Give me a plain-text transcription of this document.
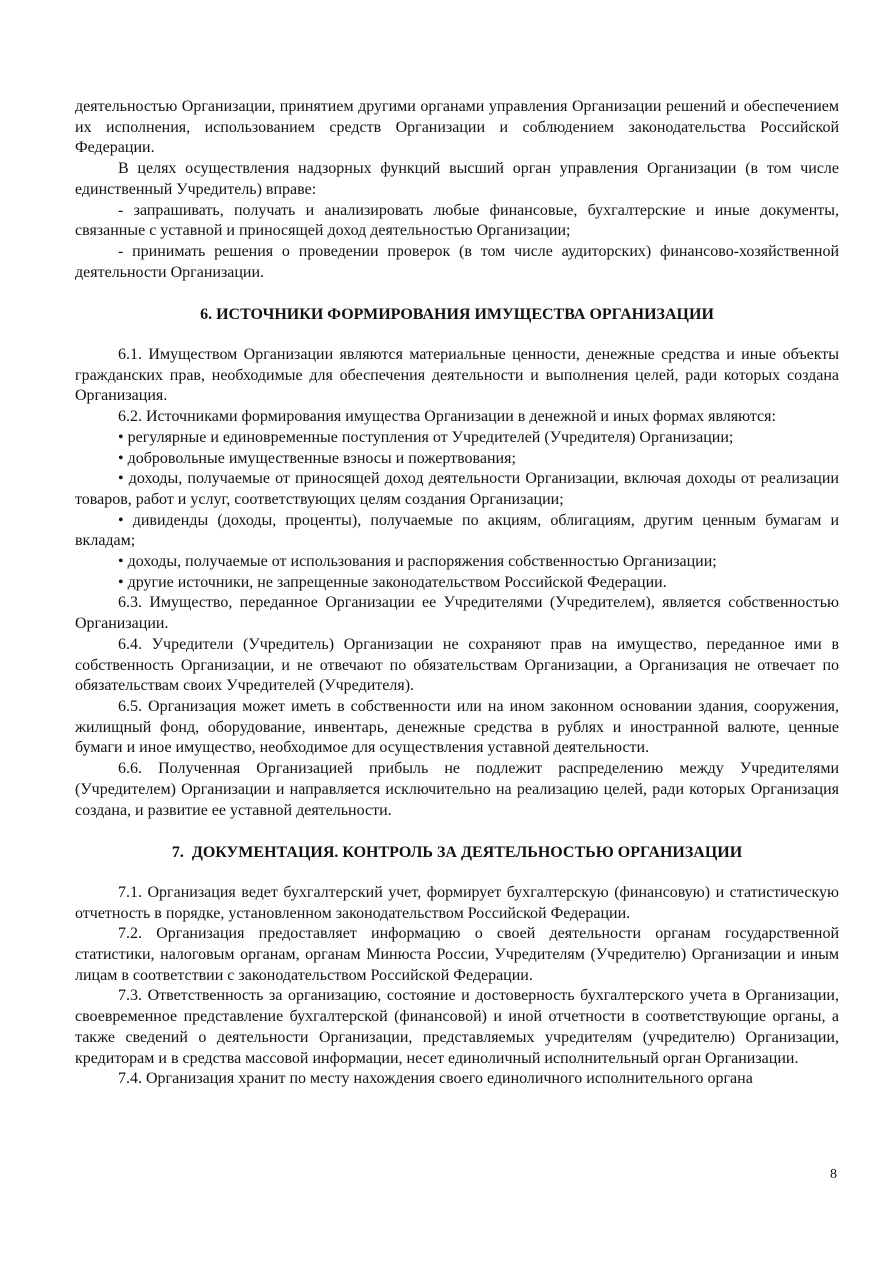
деятельностью Организации, принятием другими органами управления Организации решений и обеспечением их исполнения, использованием средств Организации и соблюдением законодательства Российской Федерации.

В целях осуществления надзорных функций высший орган управления Организации (в том числе единственный Учредитель) вправе:

- запрашивать, получать и анализировать любые финансовые, бухгалтерские и иные документы, связанные с уставной и приносящей доход деятельностью Организации;

- принимать решения о проведении проверок (в том числе аудиторских) финансово-хозяйственной деятельности Организации.

6. ИСТОЧНИКИ ФОРМИРОВАНИЯ ИМУЩЕСТВА ОРГАНИЗАЦИИ

6.1. Имуществом Организации являются материальные ценности, денежные средства и иные объекты гражданских прав, необходимые для обеспечения деятельности и выполнения целей, ради которых создана Организация.

6.2. Источниками формирования имущества Организации в денежной и иных формах являются:

• регулярные и единовременные поступления от Учредителей (Учредителя) Организации;

• добровольные имущественные взносы и пожертвования;

• доходы, получаемые от приносящей доход деятельности Организации, включая доходы от реализации товаров, работ и услуг, соответствующих целям создания Организации;

• дивиденды (доходы, проценты), получаемые по акциям, облигациям, другим ценным бумагам и вкладам;

• доходы, получаемые от использования и распоряжения собственностью Организации;

• другие источники, не запрещенные законодательством Российской Федерации.

6.3. Имущество, переданное Организации ее Учредителями (Учредителем), является собственностью Организации.

6.4. Учредители (Учредитель) Организации не сохраняют прав на имущество, переданное ими в собственность Организации, и не отвечают по обязательствам Организации, а Организация не отвечает по обязательствам своих Учредителей (Учредителя).

6.5. Организация может иметь в собственности или на ином законном основании здания, сооружения, жилищный фонд, оборудование, инвентарь, денежные средства в рублях и иностранной валюте, ценные бумаги и иное имущество, необходимое для осуществления уставной деятельности.

6.6. Полученная Организацией прибыль не подлежит распределению между Учредителями (Учредителем) Организации и направляется исключительно на реализацию целей, ради которых Организация создана, и развитие ее уставной деятельности.

7.  ДОКУМЕНТАЦИЯ. КОНТРОЛЬ ЗА ДЕЯТЕЛЬНОСТЬЮ ОРГАНИЗАЦИИ

7.1. Организация ведет бухгалтерский учет, формирует бухгалтерскую (финансовую) и статистическую отчетность в порядке, установленном законодательством Российской Федерации.

7.2. Организация предоставляет информацию о своей деятельности органам государственной статистики, налоговым органам, органам Минюста России, Учредителям (Учредителю) Организации и иным лицам в соответствии с законодательством Российской Федерации.

7.3. Ответственность за организацию, состояние и достоверность бухгалтерского учета в Организации, своевременное представление бухгалтерской (финансовой) и иной отчетности в соответствующие органы, а также сведений о деятельности Организации, представляемых учредителям (учредителю) Организации, кредиторам и в средства массовой информации, несет единоличный исполнительный орган Организации.

7.4. Организация хранит по месту нахождения своего единоличного исполнительного органа

8
